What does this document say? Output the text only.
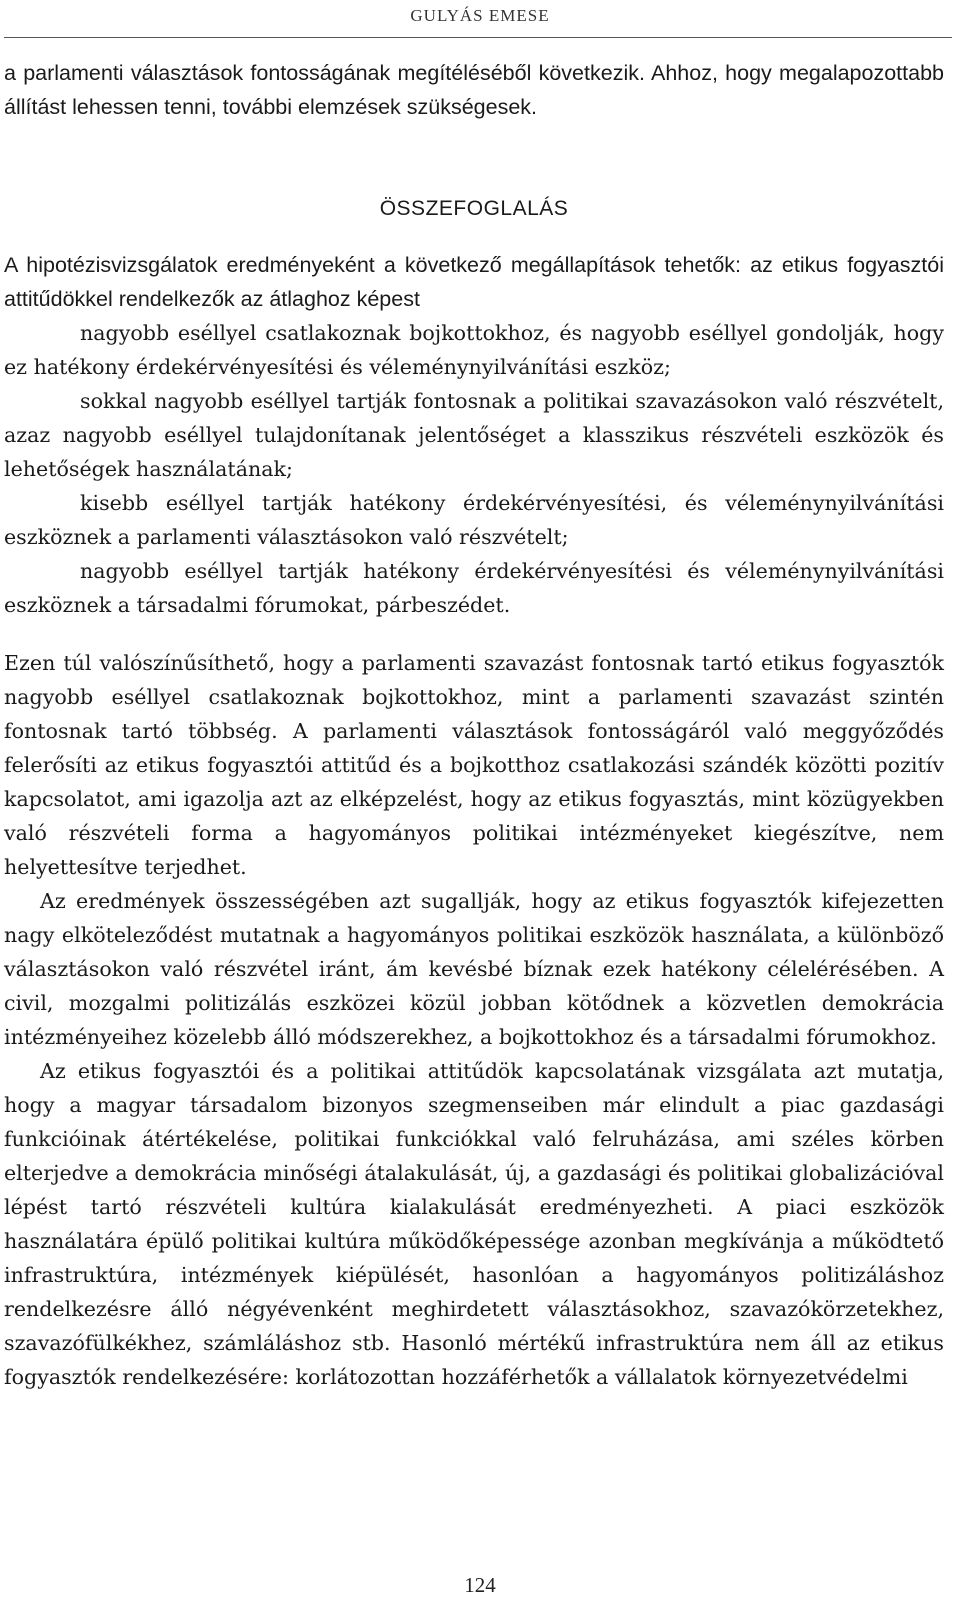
GULYÁS EMESE

a parlamenti választások fontosságának megítéléséből következik. Ahhoz, hogy megalapozottabb állítást lehessen tenni, további elemzések szükségesek.

ÖSSZEFOGLALÁS

A hipotézisvizsgálatok eredményeként a következő megállapítások tehetők: az etikus fogyasztói attitűdökkel rendelkezők az átlaghoz képest

nagyobb eséllyel csatlakoznak bojkottokhoz, és nagyobb eséllyel gondolják, hogy ez hatékony érdekérvényesítési és véleménynyilvánítási eszköz;

sokkal nagyobb eséllyel tartják fontosnak a politikai szavazásokon való részvételt, azaz nagyobb eséllyel tulajdonítanak jelentőséget a klasszikus részvételi eszközök és lehetőségek használatának;

kisebb eséllyel tartják hatékony érdekérvényesítési, és véleménynyilvánítási eszköznek a parlamenti választásokon való részvételt;

nagyobb eséllyel tartják hatékony érdekérvényesítési és véleménynyilvánítási eszköznek a társadalmi fórumokat, párbeszédet.

Ezen túl valószínűsíthető, hogy a parlamenti szavazást fontosnak tartó etikus fogyasztók nagyobb eséllyel csatlakoznak bojkottokhoz, mint a parlamenti szavazást szintén fontosnak tartó többség. A parlamenti választások fontosságáról való meggyőződés felerősíti az etikus fogyasztói attitűd és a bojkotthoz csatlakozási szándék közötti pozitív kapcsolatot, ami igazolja azt az elképzelést, hogy az etikus fogyasztás, mint közügyekben való részvételi forma a hagyományos politikai intézményeket kiegészítve, nem helyettesítve terjedhet.

Az eredmények összességében azt sugallják, hogy az etikus fogyasztók kifejezetten nagy elköteleződést mutatnak a hagyományos politikai eszközök használata, a különböző választásokon való részvétel iránt, ám kevésbé bíznak ezek hatékony célelérésében. A civil, mozgalmi politizálás eszközei közül jobban kötődnek a közvetlen demokrácia intézményeihez közelebb álló módszerekhez, a bojkottokhoz és a társadalmi fórumokhoz.

Az etikus fogyasztói és a politikai attitűdök kapcsolatának vizsgálata azt mutatja, hogy a magyar társadalom bizonyos szegmenseiben már elindult a piac gazdasági funkcióinak átértékelése, politikai funkciókkal való felruházása, ami széles körben elterjedve a demokrácia minőségi átalakulását, új, a gazdasági és politikai globalizációval lépést tartó részvételi kultúra kialakulását eredményezheti. A piaci eszközök használatára épülő politikai kultúra működőképessége azonban megkívánja a működtető infrastruktúra, intézmények kiépülését, hasonlóan a hagyományos politizáláshoz rendelkezésre álló négyévenként meghirdetett választásokhoz, szavazókörzetekhez, szavazófülkékhez, számláláshoz stb. Hasonló mértékű infrastruktúra nem áll az etikus fogyasztók rendelkezésére: korlátozottan hozzáférhetők a vállalatok környezetvédelmi

124
